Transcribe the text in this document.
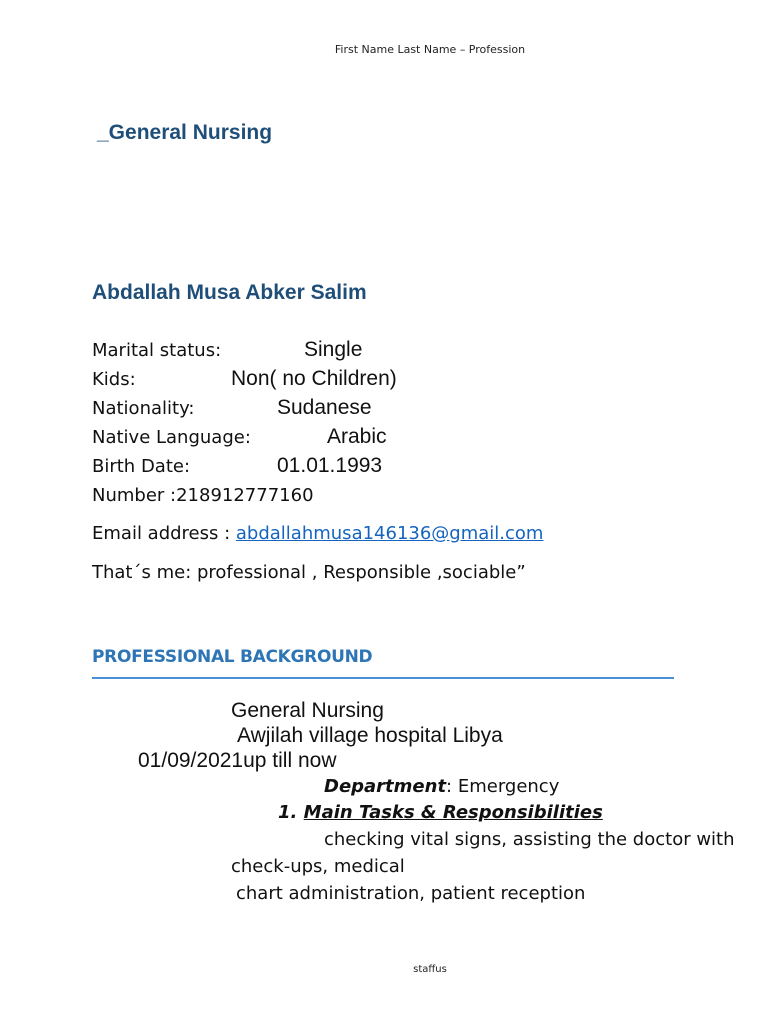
First Name Last Name – Profession
_General Nursing
Abdallah Musa Abker Salim
Marital status:	Single
Kids:	Non( no Children)
Nationality:	Sudanese
Native Language:	Arabic
Birth Date:	01.01.1993
Number :218912777160
Email address : abdallahmusa146136@gmail.com
That´s me: professional , Responsible ,sociable”
PROFESSIONAL BACKGROUND
General Nursing
Awjilah village hospital Libya
01/09/2021up till now
Department: Emergency
1. Main Tasks & Responsibilities
checking vital signs, assisting the doctor with
check-ups, medical
chart administration, patient reception
staffus
